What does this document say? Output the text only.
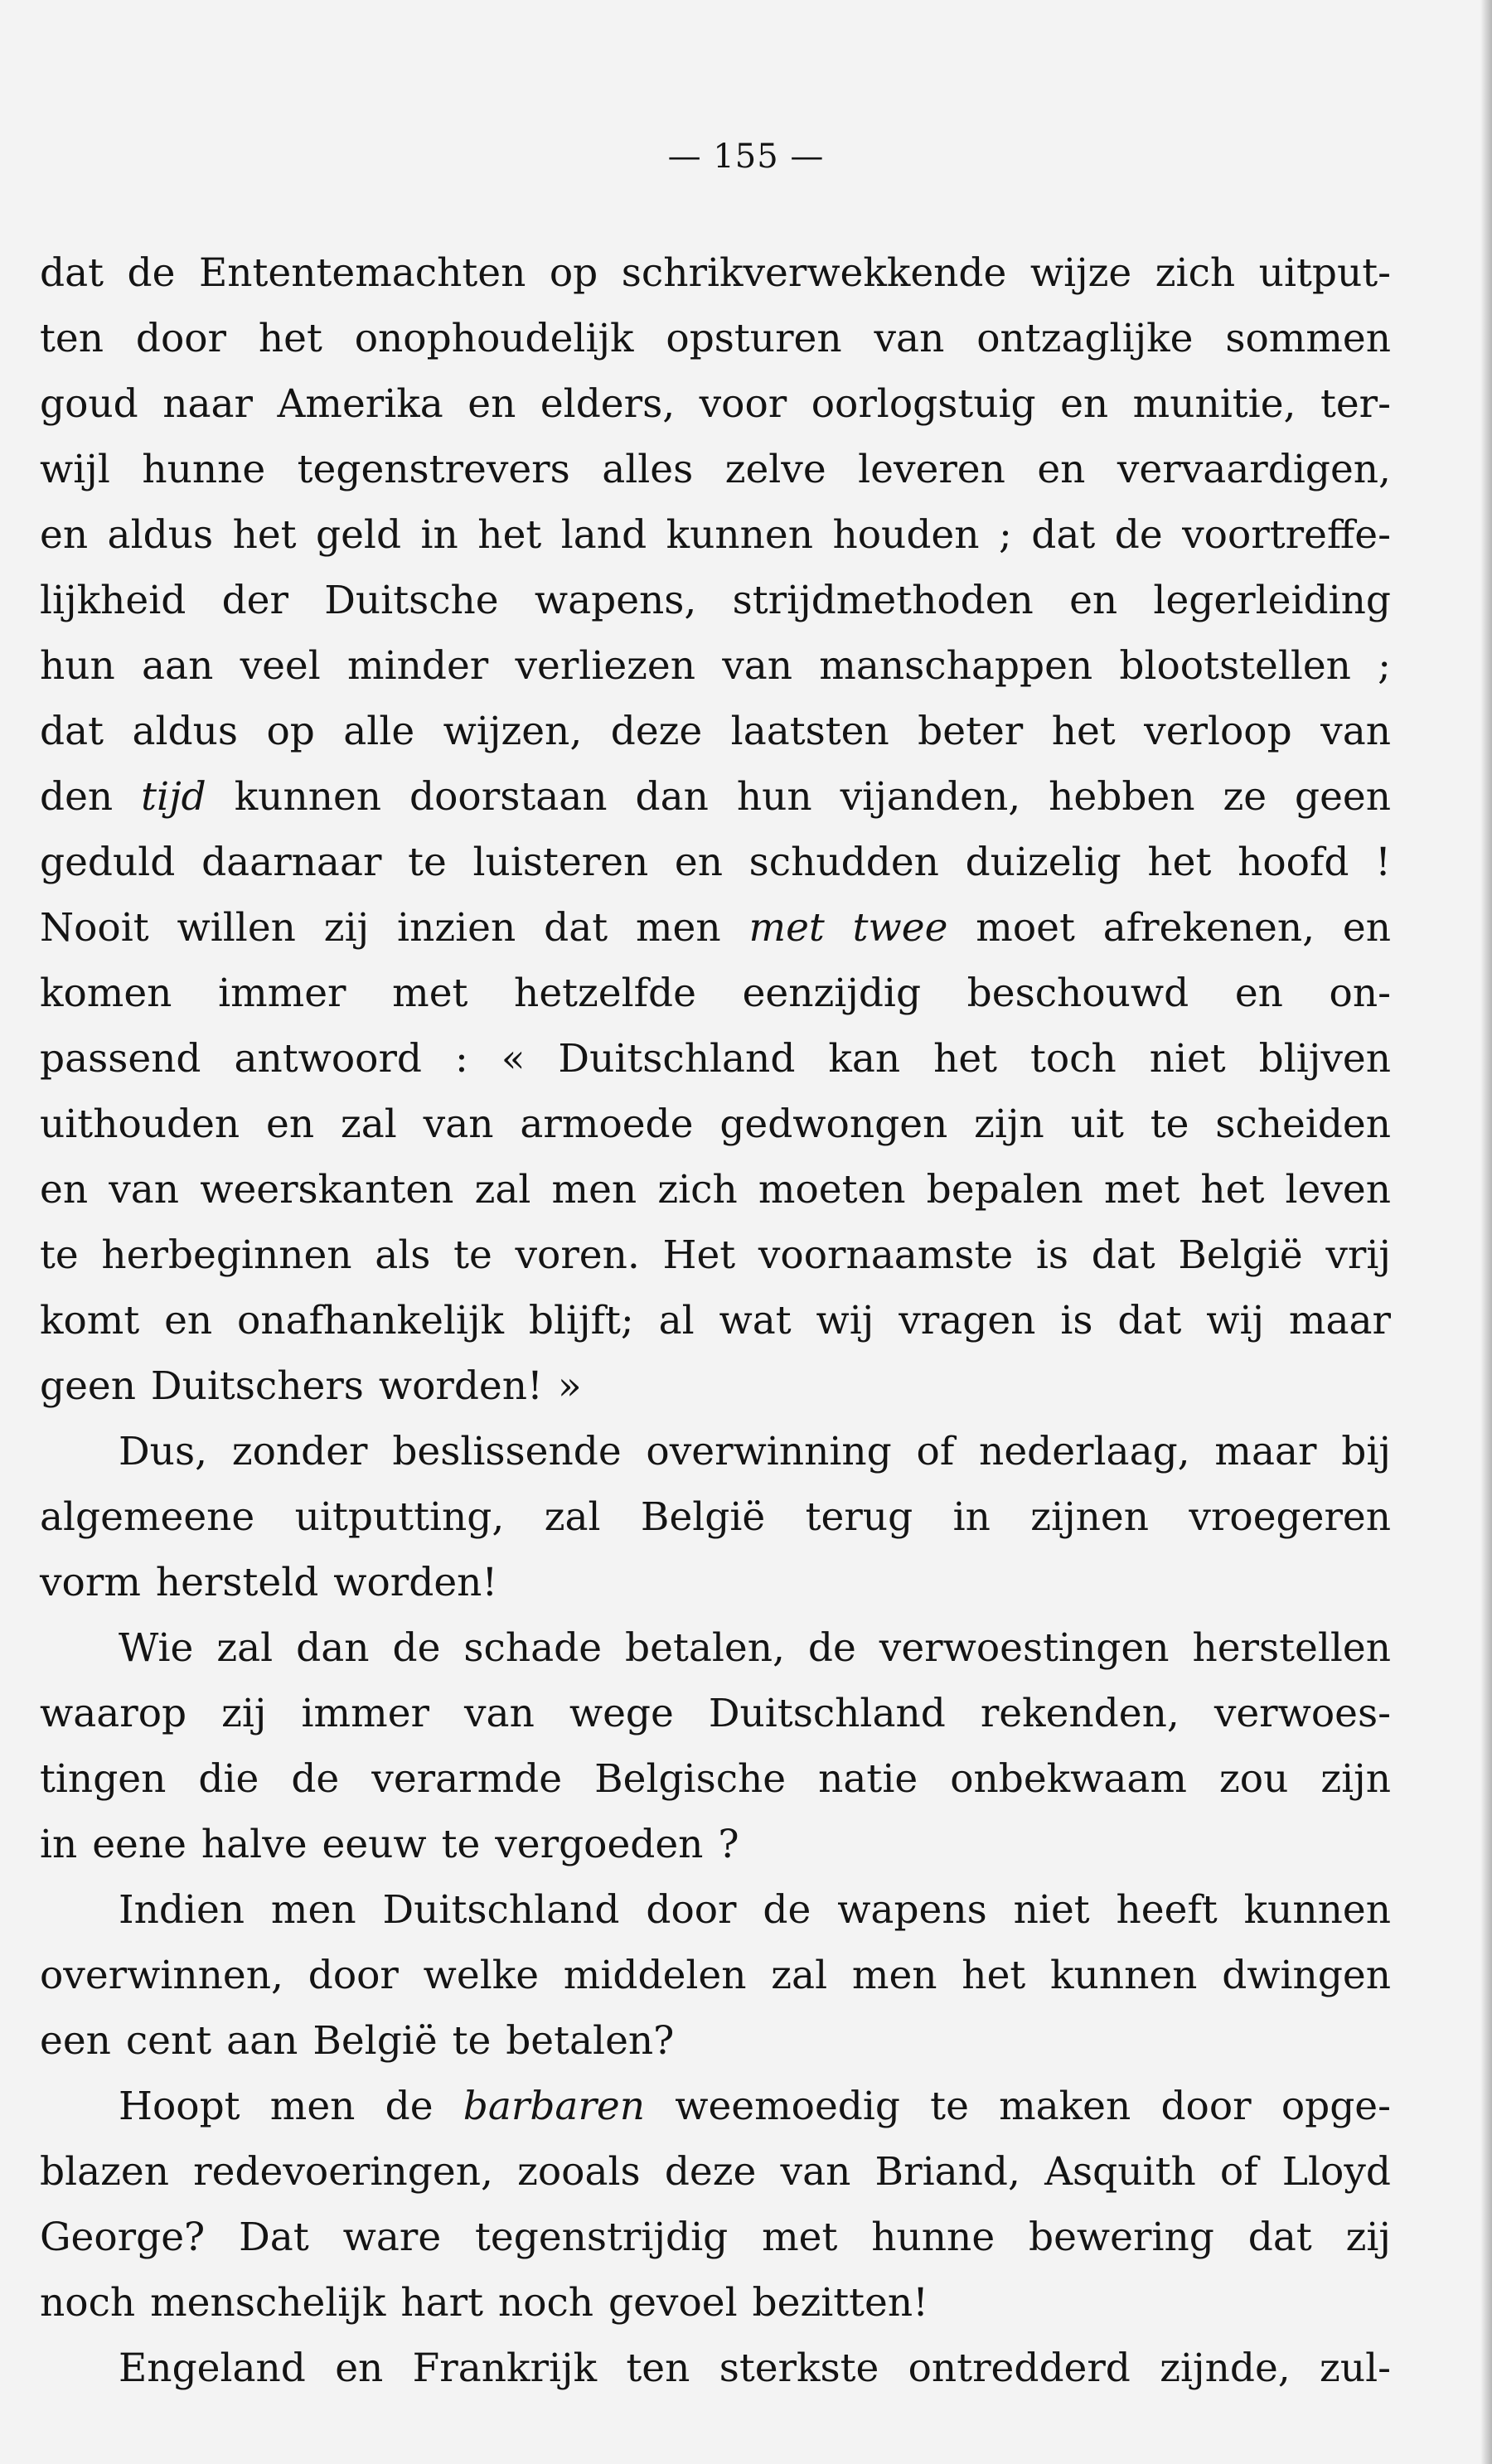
— 155 —
dat de Ententemachten op schrikverwekkende wijze zich uitput-
ten door het onophoudelijk opsturen van ontzaglijke sommen
goud naar Amerika en elders, voor oorlogstuig en munitie, ter-
wijl hunne tegenstrevers alles zelve leveren en vervaardigen,
en aldus het geld in het land kunnen houden ; dat de voortreffe-
lijkheid der Duitsche wapens, strijdmethoden en legerleiding
hun aan veel minder verliezen van manschappen blootstellen ;
dat aldus op alle wijzen, deze laatsten beter het verloop van
den tijd kunnen doorstaan dan hun vijanden, hebben ze geen
geduld daarnaar te luisteren en schudden duizelig het hoofd !
Nooit willen zij inzien dat men met twee moet afrekenen, en
komen immer met hetzelfde eenzijdig beschouwd en on-
passend antwoord : « Duitschland kan het toch niet blijven
uithouden en zal van armoede gedwongen zijn uit te scheiden
en van weerskanten zal men zich moeten bepalen met het leven
te herbeginnen als te voren. Het voornaamste is dat België vrij
komt en onafhankelijk blijft; al wat wij vragen is dat wij maar
geen Duitschers worden! »
Dus, zonder beslissende overwinning of nederlaag, maar bij
algemeene uitputting, zal België terug in zijnen vroegeren
vorm hersteld worden!
Wie zal dan de schade betalen, de verwoestingen herstellen
waarop zij immer van wege Duitschland rekenden, verwoes-
tingen die de verarmde Belgische natie onbekwaam zou zijn
in eene halve eeuw te vergoeden ?
Indien men Duitschland door de wapens niet heeft kunnen
overwinnen, door welke middelen zal men het kunnen dwingen
een cent aan België te betalen?
Hoopt men de barbaren weemoedig te maken door opge-
blazen redevoeringen, zooals deze van Briand, Asquith of Lloyd
George? Dat ware tegenstrijdig met hunne bewering dat zij
noch menschelijk hart noch gevoel bezitten!
Engeland en Frankrijk ten sterkste ontredderd zijnde, zul-
